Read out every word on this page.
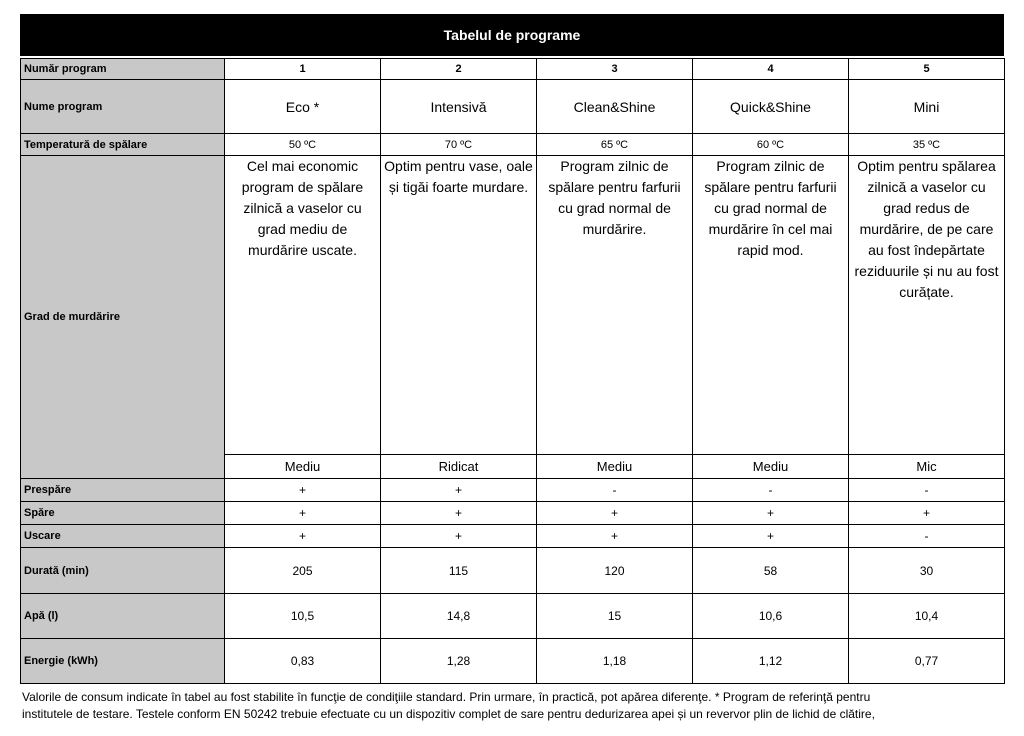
Tabelul de programe
Număr program	1	2	3	4	5
Nume program	Eco *	Intensivă	Clean&Shine	Quick&Shine	Mini
Temperatură de spălare	50 ºC	70 ºC	65 ºC	60 ºC	35 ºC
Grad de murdărire	Cel mai economic program de spălare zilnică a vaselor cu grad mediu de murdărire uscate.	Optim pentru vase, oale și tigăi foarte murdare.	Program zilnic de spălare pentru farfurii cu grad normal de murdărire.	Program zilnic de spălare pentru farfurii cu grad normal de murdărire în cel mai rapid mod.	Optim pentru spălarea zilnică a vaselor cu grad redus de murdărire, de pe care au fost îndepărtate reziduurile și nu au fost curățate.
	Mediu	Ridicat	Mediu	Mediu	Mic
Prespăre	+	+	-	-	-
Spăre	+	+	+	+	+
Uscare	+	+	+	+	-
Durată (min)	205	115	120	58	30
Apă (l)	10,5	14,8	15	10,6	10,4
Energie (kWh)	0,83	1,28	1,18	1,12	0,77
Valorile de consum indicate în tabel au fost stabilite în funcţie de condiţiile standard. Prin urmare, în practică, pot apărea diferenţe. * Program de referinţă pentru
institutele de testare. Testele conform EN 50242 trebuie efectuate cu un dispozitiv complet de sare pentru dedurizarea apei și un revervor plin de lichid de clătire,
